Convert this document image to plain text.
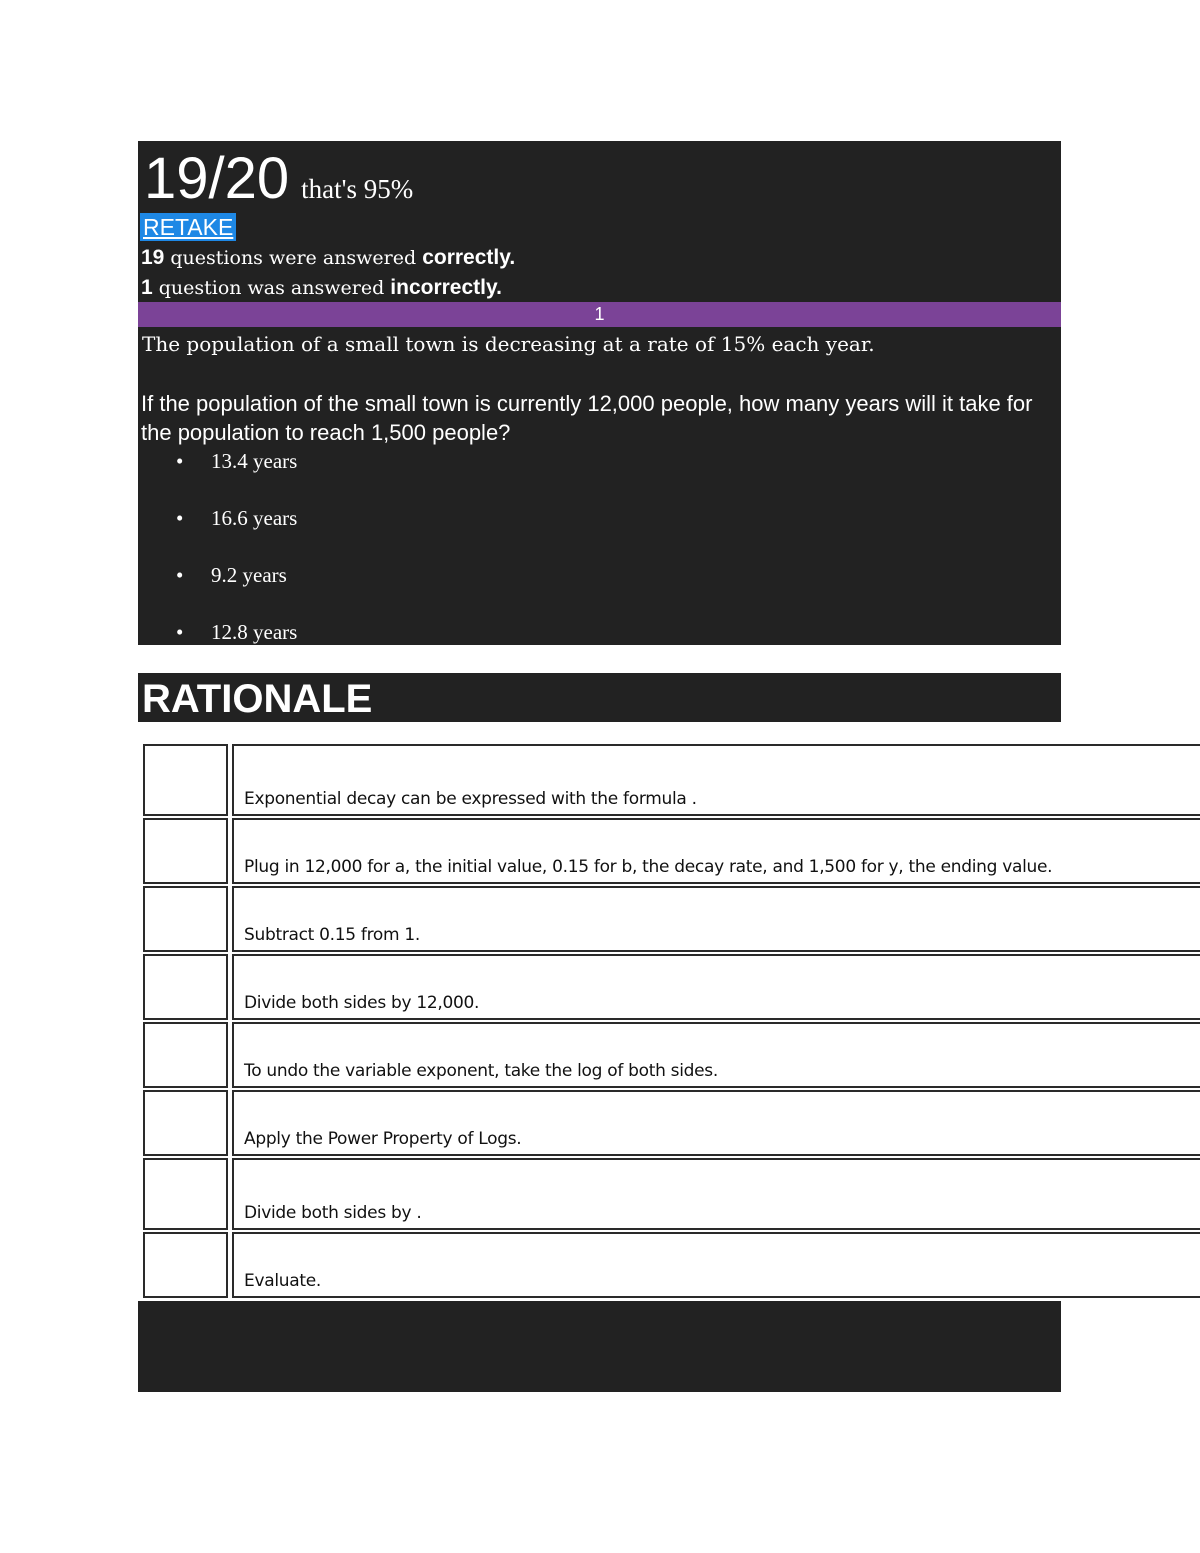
19/20 that's 95%
RETAKE
19 questions were answered correctly.
1 question was answered incorrectly.
1
The population of a small town is decreasing at a rate of 15% each year.
If the population of the small town is currently 12,000 people, how many years will it take for the population to reach 1,500 people?
• 13.4 years
• 16.6 years
• 9.2 years
• 12.8 years
RATIONALE
Exponential decay can be expressed with the formula .
Plug in 12,000 for a, the initial value, 0.15 for b, the decay rate, and 1,500 for y, the ending value.
Subtract 0.15 from 1.
Divide both sides by 12,000.
To undo the variable exponent, take the log of both sides.
Apply the Power Property of Logs.
Divide both sides by .
Evaluate.
